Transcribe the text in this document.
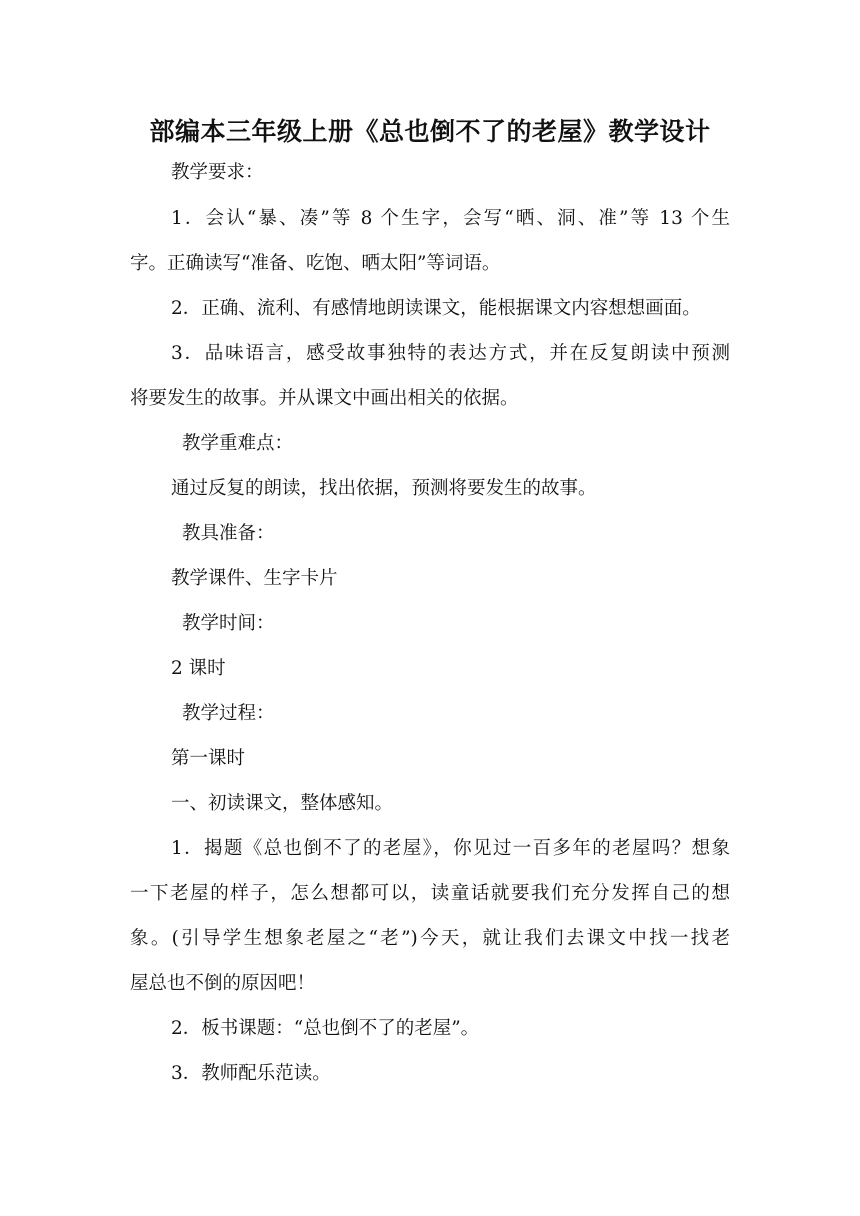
部编本三年级上册《总也倒不了的老屋》教学设计
教学要求：
1．会认“暴、凑”等 8 个生字，会写“晒、洞、准”等 13 个生
字。正确读写“准备、吃饱、晒太阳”等词语。
2．正确、流利、有感情地朗读课文，能根据课文内容想想画面。
3．品味语言，感受故事独特的表达方式，并在反复朗读中预测
将要发生的故事。并从课文中画出相关的依据。
教学重难点：
通过反复的朗读，找出依据，预测将要发生的故事。
教具准备：
教学课件、生字卡片
教学时间：
2 课时
教学过程：
第一课时
一、初读课文，整体感知。
1．揭题《总也倒不了的老屋》，你见过一百多年的老屋吗？想象
一下老屋的样子，怎么想都可以，读童话就要我们充分发挥自己的想
象。(引导学生想象老屋之“老”)今天，就让我们去课文中找一找老
屋总也不倒的原因吧！
2．板书课题：“总也倒不了的老屋”。
3．教师配乐范读。
